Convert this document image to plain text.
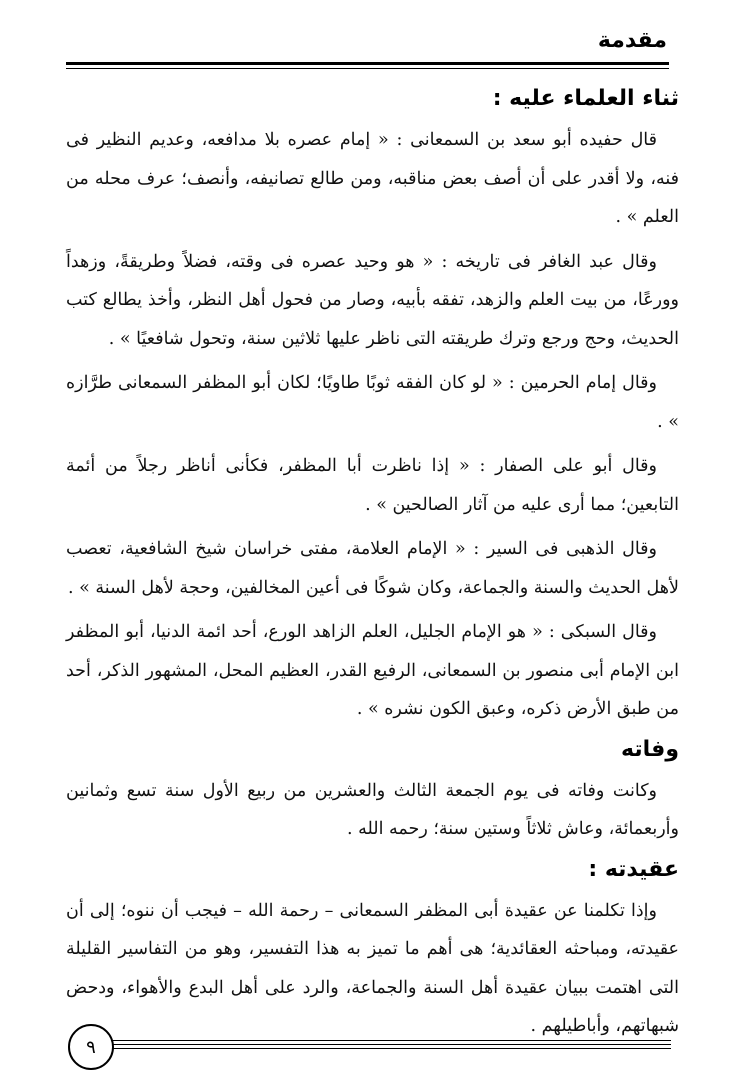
مقدمة
ثناء العلماء عليه :

قال حفيده أبو سعد بن السمعانى : « إمام عصره بلا مدافعه، وعديم النظير فى فنه، ولا أقدر على أن أصف بعض مناقبه، ومن طالع تصانيفه، وأنصف؛ عرف محله من العلم » .

وقال عبد الغافر فى تاريخه : « هو وحيد عصره فى وقته، فضلاً وطريقةً، وزهداً وورعًا، من بيت العلم والزهد، تفقه بأبيه، وصار من فحول أهل النظر، وأخذ يطالع كتب الحديث، وحج ورجع وترك طريقته التى ناظر عليها ثلاثين سنة، وتحول شافعيًا » .

وقال إمام الحرمين : « لو كان الفقه ثوبًا طاويًا؛ لكان أبو المظفر السمعانى طرَّازه » .

وقال أبو على الصفار : « إذا ناظرت أبا المظفر، فكأنى أناظر رجلاً من أئمة التابعين؛ مما أرى عليه من آثار الصالحين » .

وقال الذهبى فى السير : « الإمام العلامة، مفتى خراسان شيخ الشافعية، تعصب لأهل الحديث والسنة والجماعة، وكان شوكًا فى أعين المخالفين، وحجة لأهل السنة » .

وقال السبكى : « هو الإمام الجليل، العلم الزاهد الورع، أحد ائمة الدنيا، أبو المظفر ابن الإمام أبى منصور بن السمعانى، الرفيع القدر، العظيم المحل، المشهور الذكر، أحد من طبق الأرض ذكره، وعبق الكون نشره » .

وفاته

وكانت وفاته فى يوم الجمعة الثالث والعشرين من ربيع الأول سنة تسع وثمانين وأربعمائة، وعاش ثلاثاً وستين سنة؛ رحمه الله .

عقيدته :

وإذا تكلمنا عن عقيدة أبى المظفر السمعانى – رحمة الله – فيجب أن ننوه؛ إلى أن عقيدته، ومباحثه العقائدية؛ هى أهم ما تميز به هذا التفسير، وهو من التفاسير القليلة التى اهتمت ببيان عقيدة أهل السنة والجماعة، والرد على أهل البدع والأهواء، ودحض شبهاتهم، وأباطيلهم .

٩
